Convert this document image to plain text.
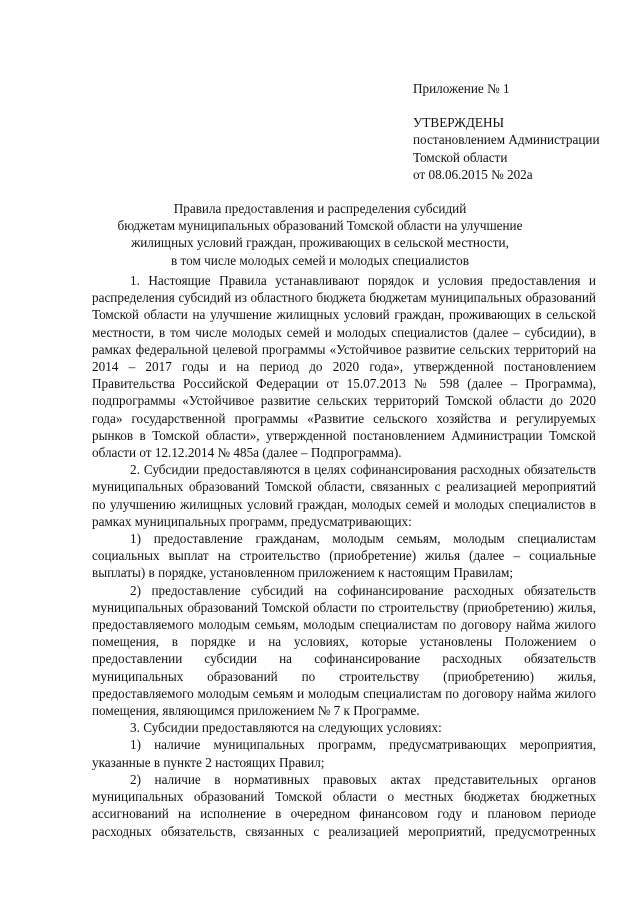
Приложение № 1
УТВЕРЖДЕНЫ
постановлением Администрации
Томской области
от 08.06.2015 № 202а
Правила предоставления и распределения субсидий
бюджетам муниципальных образований Томской области на улучшение
жилищных условий граждан, проживающих в сельской местности,
в том числе молодых семей и молодых специалистов

1. Настоящие Правила устанавливают порядок и условия предоставления и распределения субсидий из областного бюджета бюджетам муниципальных образований Томской области на улучшение жилищных условий граждан, проживающих в сельской местности, в том числе молодых семей и молодых специалистов (далее – субсидии), в рамках федеральной целевой программы «Устойчивое развитие сельских территорий на 2014 – 2017 годы и на период до 2020 года», утвержденной постановлением Правительства Российской Федерации от 15.07.2013 № 598 (далее – Программа), подпрограммы «Устойчивое развитие сельских территорий Томской области до 2020 года» государственной программы «Развитие сельского хозяйства и регулируемых рынков в Томской области», утвержденной постановлением Администрации Томской области от 12.12.2014 № 485а (далее – Подпрограмма).

2. Субсидии предоставляются в целях софинансирования расходных обязательств муниципальных образований Томской области, связанных с реализацией мероприятий по улучшению жилищных условий граждан, молодых семей и молодых специалистов в рамках муниципальных программ, предусматривающих:

1) предоставление гражданам, молодым семьям, молодым специалистам социальных выплат на строительство (приобретение) жилья (далее – социальные выплаты) в порядке, установленном приложением к настоящим Правилам;

2) предоставление субсидий на софинансирование расходных обязательств муниципальных образований Томской области по строительству (приобретению) жилья, предоставляемого молодым семьям, молодым специалистам по договору найма жилого помещения, в порядке и на условиях, которые установлены Положением о предоставлении субсидии на софинансирование расходных обязательств муниципальных образований по строительству (приобретению) жилья, предоставляемого молодым семьям и молодым специалистам по договору найма жилого помещения, являющимся приложением № 7 к Программе.

3. Субсидии предоставляются на следующих условиях:

1) наличие муниципальных программ, предусматривающих мероприятия, указанные в пункте 2 настоящих Правил;

2) наличие в нормативных правовых актах представительных органов муниципальных образований Томской области о местных бюджетах бюджетных ассигнований на исполнение в очередном финансовом году и плановом периоде расходных обязательств, связанных с реализацией мероприятий, предусмотренных
